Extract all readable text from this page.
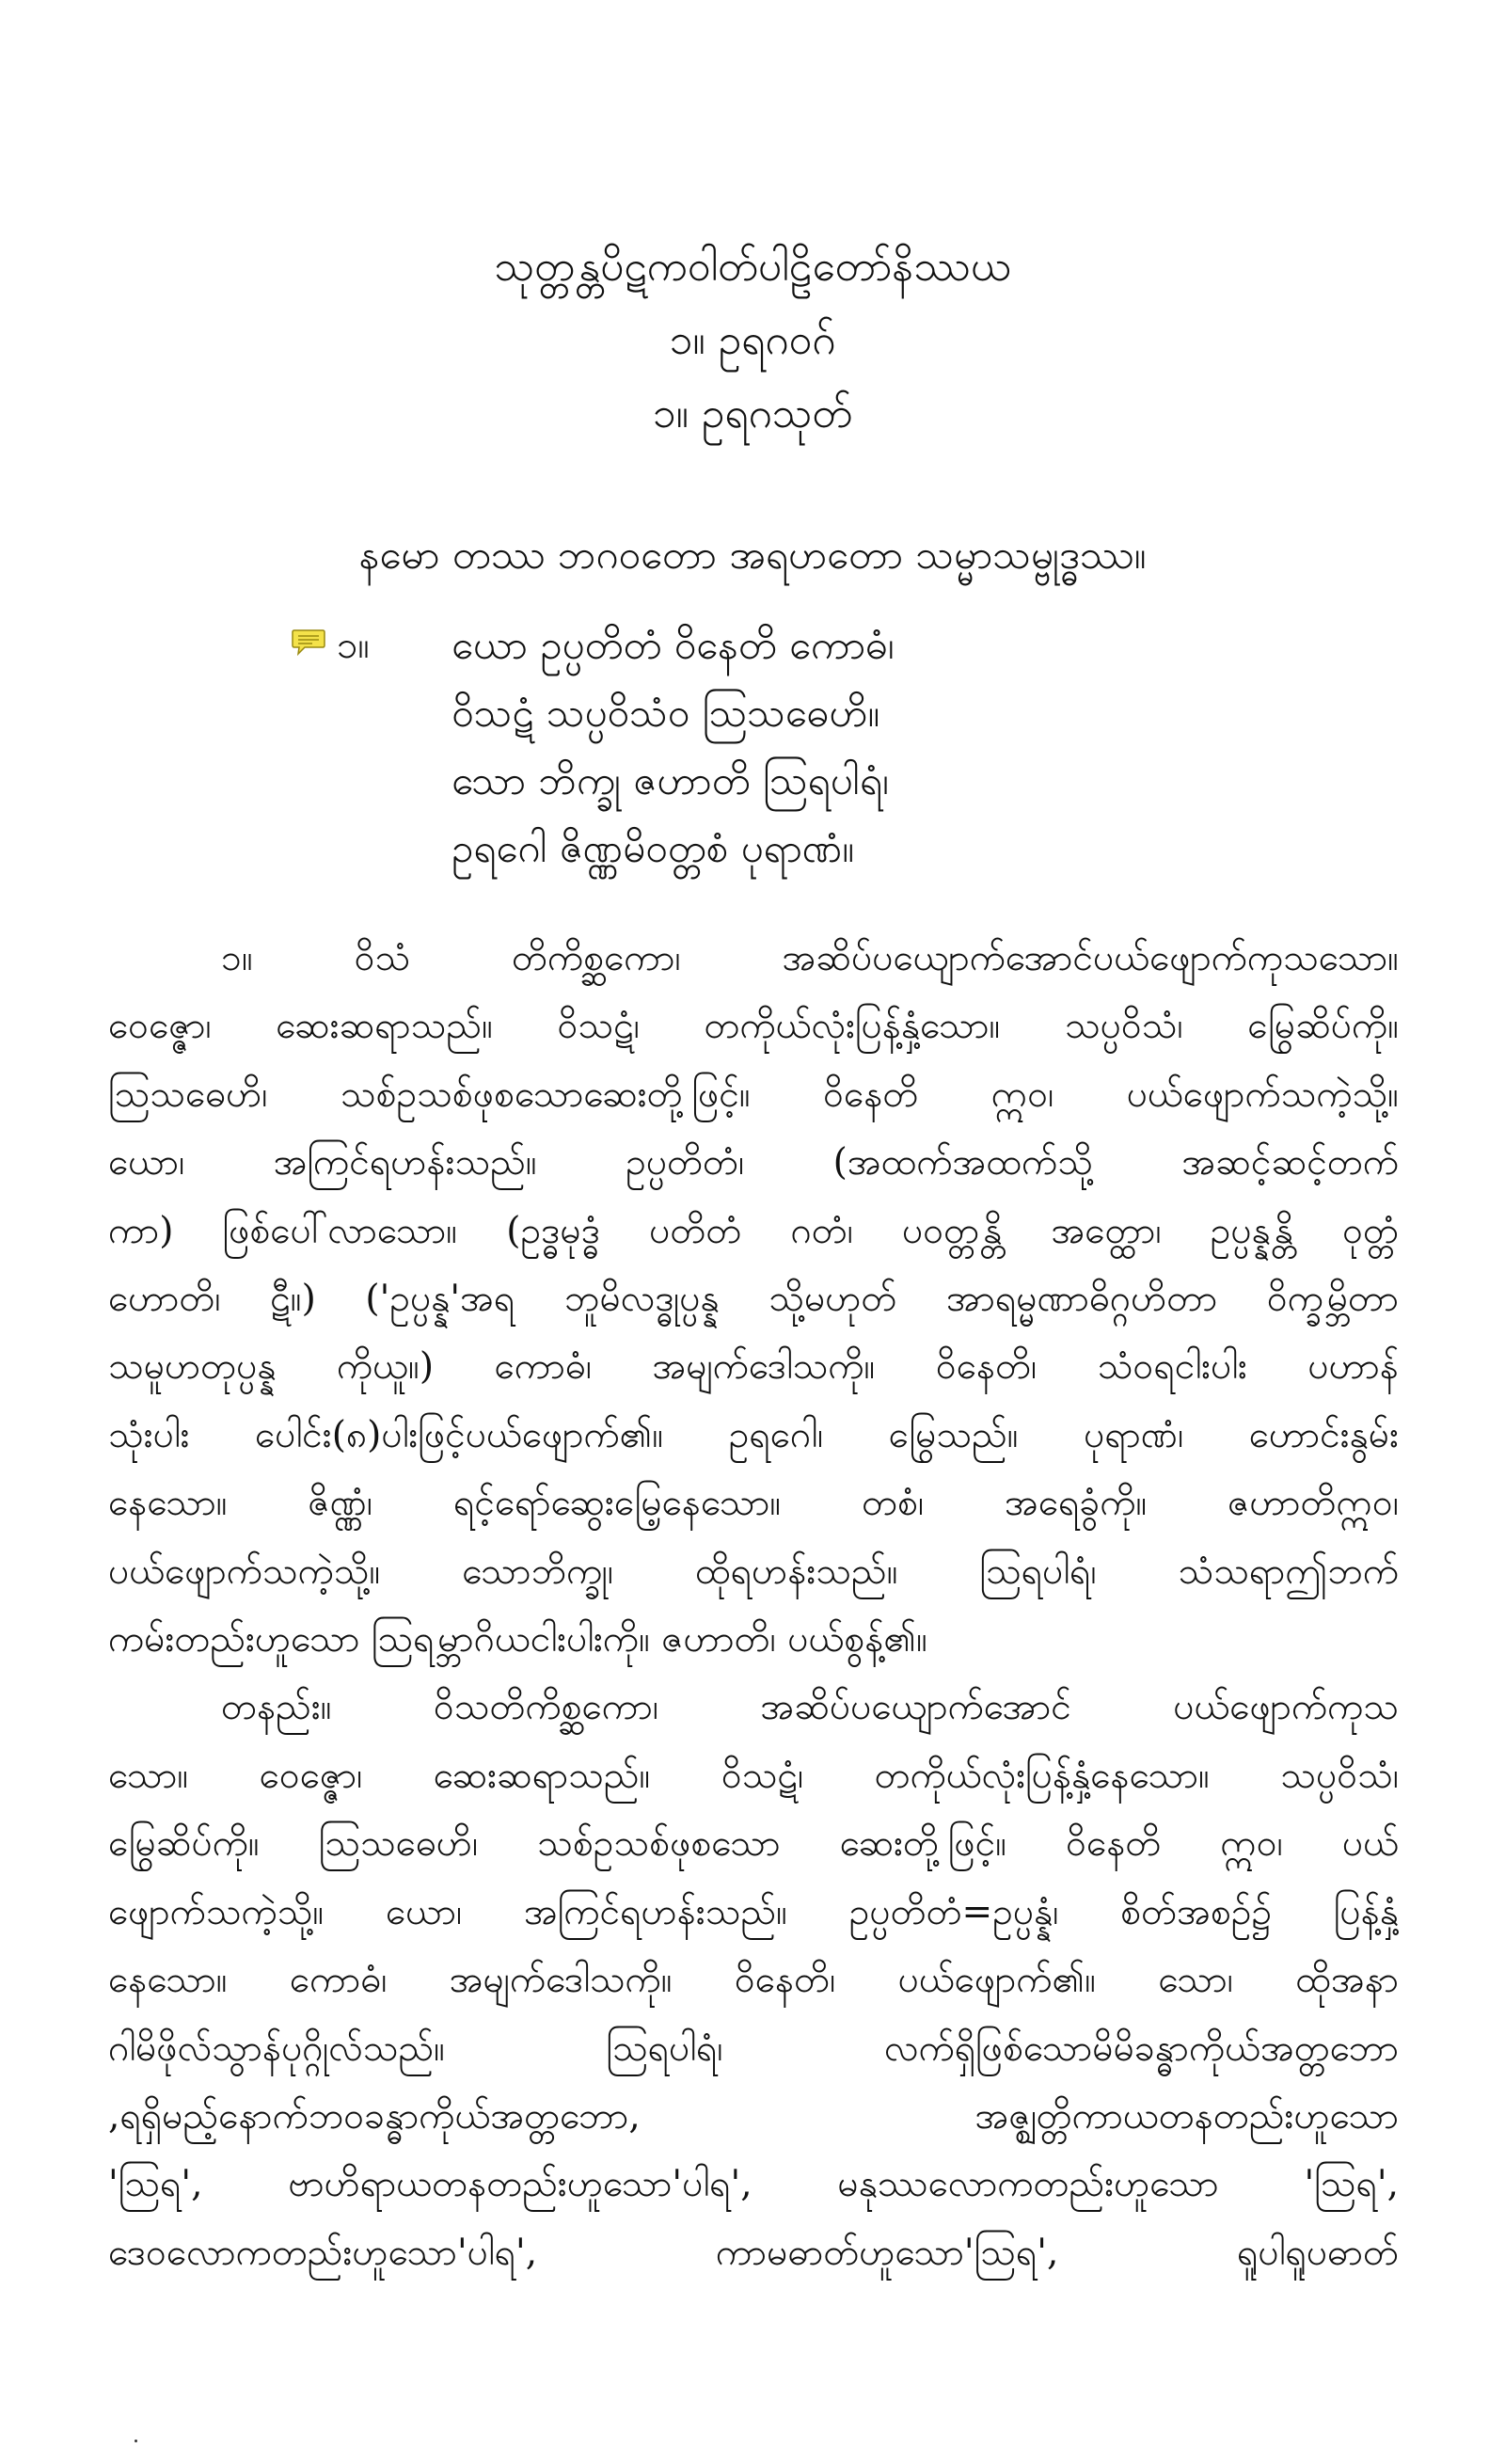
သုတ္တန္တပိဋကဝါတ်ပါဠိတော်နိဿယ
၁။ ဥရဂဝဂ်
၁။ ဥရဂသုတ်
နမော တဿ ဘဂဝတော အရဟတော သမ္မာသမ္ဗုဒ္ဓဿ။
၁။ ယော ဥပ္ပတိတံ ဝိနေတိ ကောဓံ၊
ဝိသဋံ သပ္ပဝိသံဝ ဩသဓေဟိ။
သော ဘိက္ခု ဇဟာတိ ဩရပါရံ၊
ဥရဂေါ ဇိဏ္ဏမိဝတ္တစံ ပုရာဏံ။
၁။ ဝိသံ တိကိစ္ဆကော၊ အဆိပ်ပယျောက်အောင်ပယ်ဖျောက်ကုသသော။
ဝေဇ္ဇော၊ ဆေးဆရာသည်။ ဝိသဋံ၊ တကိုယ်လုံးပြန့်နှံ့သော။ သပ္ပဝိသံ၊ မြွေဆိပ်ကို။
ဩသဓေဟိ၊ သစ်ဥသစ်ဖုစသောဆေးတို့ဖြင့်။ ဝိနေတိ ဣဝ၊ ပယ်ဖျောက်သကဲ့သို့။
ယော၊ အကြင်ရဟန်းသည်။ ဥပ္ပတိတံ၊ (အထက်အထက်သို့ အဆင့်ဆင့်တက်
ကာ) ဖြစ်ပေါ်လာသော။ (ဥဒ္ဓမုဒ္ဓံ ပတိတံ ဂတံ၊ ပဝတ္တန္တိ အတ္ထော၊ ဥပ္ပန္နန္တိ ဝုတ္တံ
ဟောတိ၊ ဋီ။) ('ဥပ္ပန္န'အရ ဘူမိလဒ္ဓုပ္ပန္န သို့မဟုတ် အာရမ္မဏာဓိဂ္ဂဟိတာ ဝိက္ခမ္ဘိတာ
သမူဟတုပ္ပန္န ကိုယူ။) ကောဓံ၊ အမျက်ဒေါသကို။ ဝိနေတိ၊ သံဝရငါးပါး ပဟာန်
သုံးပါး ပေါင်း(၈)ပါးဖြင့်ပယ်ဖျောက်၏။ ဥရဂေါ၊ မြွေသည်။ ပုရာဏံ၊ ဟောင်းနွမ်း
နေသော။ ဇိဏ္ဏံ၊ ရင့်ရော်ဆွေးမြေ့နေသော။ တစံ၊ အရေခွံကို။ ဇဟာတိဣဝ၊
ပယ်ဖျောက်သကဲ့သို့။ သောဘိက္ခု၊ ထိုရဟန်းသည်။ ဩရပါရံ၊ သံသရာဤဘက်
ကမ်းတည်းဟူသော ဩရမ္ဘာဂိယငါးပါးကို။ ဇဟာတိ၊ ပယ်စွန့်၏။
တနည်း။ ဝိသတိကိစ္ဆကော၊ အဆိပ်ပယျောက်အောင် ပယ်ဖျောက်ကုသ
သော။ ဝေဇ္ဇော၊ ဆေးဆရာသည်။ ဝိသဋံ၊ တကိုယ်လုံးပြန့်နှံ့နေသော။ သပ္ပဝိသံ၊
မြွေဆိပ်ကို။ ဩသဓေဟိ၊ သစ်ဥသစ်ဖုစသော ဆေးတို့ဖြင့်။ ဝိနေတိ ဣဝ၊ ပယ်
ဖျောက်သကဲ့သို့။ ယော၊ အကြင်ရဟန်းသည်။ ဥပ္ပတိတံ=ဥပ္ပန္နံ၊ စိတ်အစဉ်၌ ပြန့်နှံ့
နေသော။ ကောဓံ၊ အမျက်ဒေါသကို။ ဝိနေတိ၊ ပယ်ဖျောက်၏။ သော၊ ထိုအနာ
ဂါမိဖိုလ်သွာန်ပုဂ္ဂိုလ်သည်။ ဩရပါရံ၊ လက်ရှိဖြစ်သောမိမိခန္ဓာကိုယ်အတ္တဘော
,ရရှိမည့်နောက်ဘဝခန္ဓာကိုယ်အတ္တဘော, အဇ္ဈတ္တိကာယတနတည်းဟူသော
'ဩရ', ဗာဟိရာယတနတည်းဟူသော'ပါရ', မနုဿလောကတည်းဟူသော 'ဩရ',
ဒေဝလောကတည်းဟူသော'ပါရ', ကာမဓာတ်ဟူသော'ဩရ', ရူပါရူပဓာတ်
